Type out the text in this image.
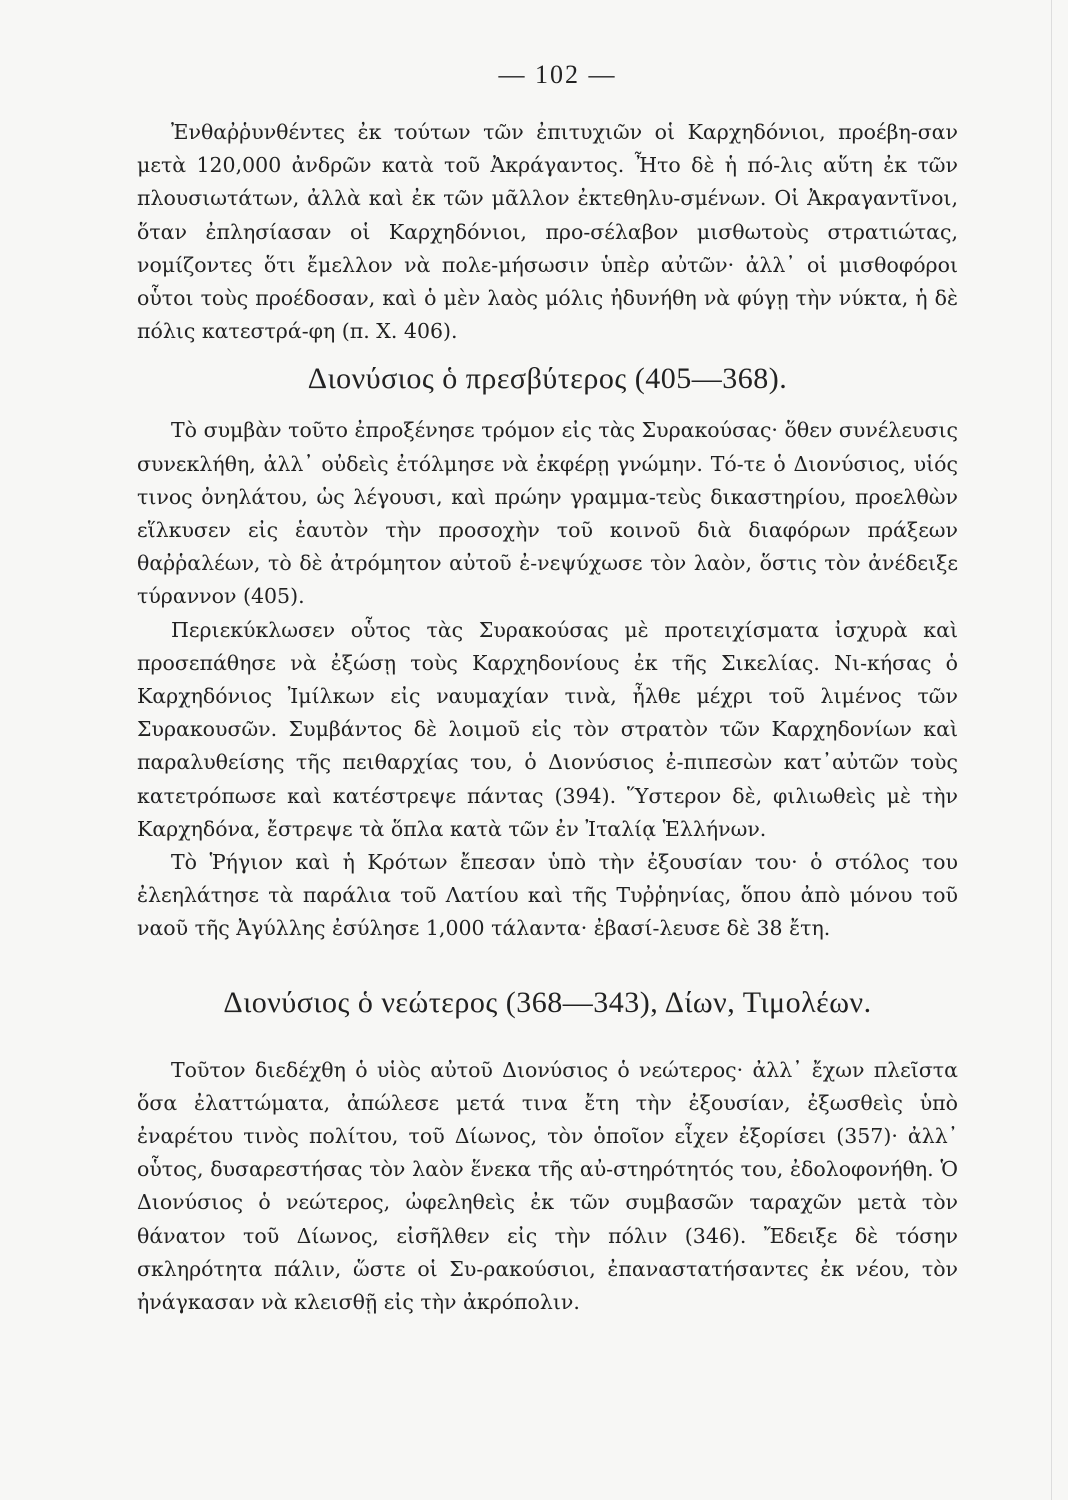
— 102 —

Ἐνθαῤῥυνθέντες ἐκ τούτων τῶν ἐπιτυχιῶν οἱ Καρχηδόνιοι, προέβη-σαν μετὰ 120,000 ἀνδρῶν κατὰ τοῦ Ἀκράγαντος. Ἦτο δὲ ἡ πό-λις αὕτη ἐκ τῶν πλουσιωτάτων, ἀλλὰ καὶ ἐκ τῶν μᾶλλον ἐκτεθηλυ-σμένων. Οἱ Ἀκραγαντῖνοι, ὅταν ἐπλησίασαν οἱ Καρχηδόνιοι, προ-σέλαβον μισθωτοὺς στρατιώτας, νομίζοντες ὅτι ἔμελλον νὰ πολε-μήσωσιν ὑπὲρ αὐτῶν· ἀλλ᾽ οἱ μισθοφόροι οὗτοι τοὺς προέδοσαν, καὶ ὁ μὲν λαὸς μόλις ἠδυνήθη νὰ φύγῃ τὴν νύκτα, ἡ δὲ πόλις κατεστρά-φη (π. Χ. 406).

Διονύσιος ὁ πρεσβύτερος (405—368).

Τὸ συμβὰν τοῦτο ἐπροξένησε τρόμον εἰς τὰς Συρακούσας· ὅθεν συνέλευσις συνεκλήθη, ἀλλ᾽ οὐδεὶς ἐτόλμησε νὰ ἐκφέρῃ γνώμην. Τό-τε ὁ Διονύσιος, υἱός τινος ὀνηλάτου, ὡς λέγουσι, καὶ πρώην γραμμα-τεὺς δικαστηρίου, προελθὼν εἵλκυσεν εἰς ἑαυτὸν τὴν προσοχὴν τοῦ κοινοῦ διὰ διαφόρων πράξεων θαῤῥαλέων, τὸ δὲ ἀτρόμητον αὐτοῦ ἐ-νεψύχωσε τὸν λαὸν, ὅστις τὸν ἀνέδειξε τύραννον (405).

Περιεκύκλωσεν οὗτος τὰς Συρακούσας μὲ προτειχίσματα ἰσχυρὰ καὶ προσεπάθησε νὰ ἐξώσῃ τοὺς Καρχηδονίους ἐκ τῆς Σικελίας. Νι-κήσας ὁ Καρχηδόνιος Ἰμίλκων εἰς ναυμαχίαν τινὰ, ἦλθε μέχρι τοῦ λιμένος τῶν Συρακουσῶν. Συμβάντος δὲ λοιμοῦ εἰς τὸν στρατὸν τῶν Καρχηδονίων καὶ παραλυθείσης τῆς πειθαρχίας του, ὁ Διονύσιος ἐ-πιπεσὼν κατ᾽αὐτῶν τοὺς κατετρόπωσε καὶ κατέστρεψε πάντας (394). Ὕστερον δὲ, φιλιωθεὶς μὲ τὴν Καρχηδόνα, ἔστρεψε τὰ ὅπλα κατὰ τῶν ἐν Ἰταλίᾳ Ἑλλήνων.

Τὸ Ῥήγιον καὶ ἡ Κρότων ἔπεσαν ὑπὸ τὴν ἐξουσίαν του· ὁ στόλος του ἐλεηλάτησε τὰ παράλια τοῦ Λατίου καὶ τῆς Τυῤῥηνίας, ὅπου ἀπὸ μόνου τοῦ ναοῦ τῆς Ἀγύλλης ἐσύλησε 1,000 τάλαντα· ἐβασί-λευσε δὲ 38 ἔτη.

Διονύσιος ὁ νεώτερος (368—343), Δίων, Τιμολέων.

Τοῦτον διεδέχθη ὁ υἱὸς αὐτοῦ Διονύσιος ὁ νεώτερος· ἀλλ᾽ ἔχων πλεῖστα ὅσα ἐλαττώματα, ἀπώλεσε μετά τινα ἔτη τὴν ἐξουσίαν, ἐξωσθεὶς ὑπὸ ἐναρέτου τινὸς πολίτου, τοῦ Δίωνος, τὸν ὁποῖον εἶχεν ἐξορίσει (357)· ἀλλ᾽ οὗτος, δυσαρεστήσας τὸν λαὸν ἕνεκα τῆς αὐ-στηρότητός του, ἐδολοφονήθη. Ὁ Διονύσιος ὁ νεώτερος, ὠφεληθεὶς ἐκ τῶν συμβασῶν ταραχῶν μετὰ τὸν θάνατον τοῦ Δίωνος, εἰσῆλθεν εἰς τὴν πόλιν (346). Ἔδειξε δὲ τόσην σκληρότητα πάλιν, ὥστε οἱ Συ-ρακούσιοι, ἐπαναστατήσαντες ἐκ νέου, τὸν ἠνάγκασαν νὰ κλεισθῇ εἰς τὴν ἀκρόπολιν.
